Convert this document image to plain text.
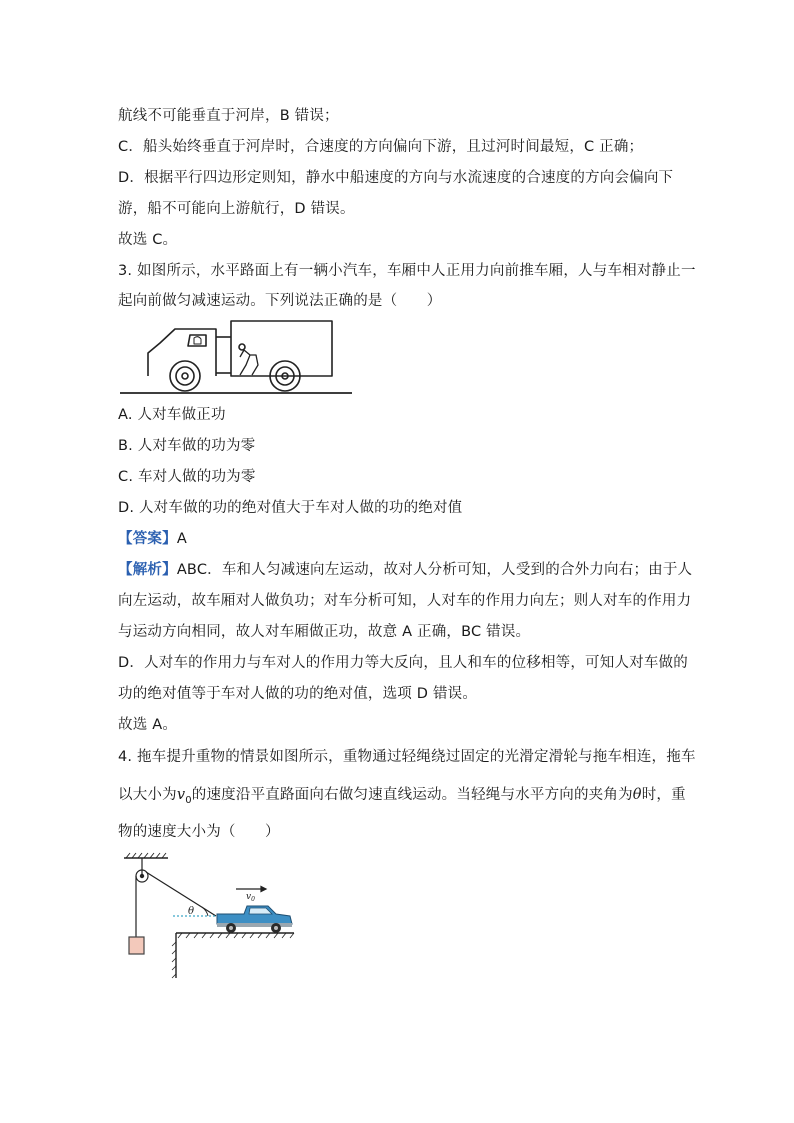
航线不可能垂直于河岸，B 错误；
C．船头始终垂直于河岸时，合速度的方向偏向下游，且过河时间最短，C 正确；
D．根据平行四边形定则知，静水中船速度的方向与水流速度的合速度的方向会偏向下
游，船不可能向上游航行，D 错误。
故选 C。
3. 如图所示，水平路面上有一辆小汽车，车厢中人正用力向前推车厢，人与车相对静止一
起向前做匀减速运动。下列说法正确的是（　　）
A. 人对车做正功
B. 人对车做的功为零
C. 车对人做的功为零
D. 人对车做的功的绝对值大于车对人做的功的绝对值
【答案】A
【解析】ABC．车和人匀减速向左运动，故对人分析可知，人受到的合外力向右；由于人
向左运动，故车厢对人做负功；对车分析可知，人对车的作用力向左；则人对车的作用力
与运动方向相同，故人对车厢做正功，故意 A 正确，BC 错误。
D．人对车的作用力与车对人的作用力等大反向，且人和车的位移相等，可知人对车做的
功的绝对值等于车对人做的功的绝对值，选项 D 错误。
故选 A。
4. 拖车提升重物的情景如图所示，重物通过轻绳绕过固定的光滑定滑轮与拖车相连，拖车
以大小为$v_0$的速度沿平直路面向右做匀速直线运动。当轻绳与水平方向的夹角为θ时，重
物的速度大小为（　　）
θ
$v_0$
